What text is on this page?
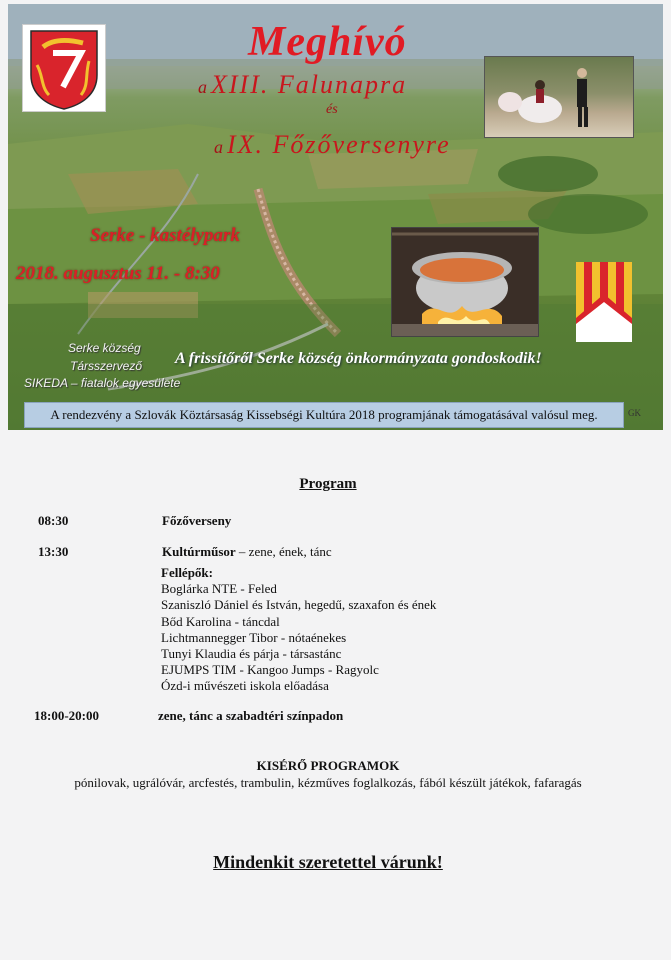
Meghívó

a XIII. Falunapra

és

a IX. Főzőversenyre

Serke - kastélypark
2018. augusztus 11. - 8:30
Serke község
Társszervező
SIKEDA – fiatalok egyesülete

A frissítőről Serke község önkormányzata gondoskodik!

A rendezvény a Szlovák Köztársaság Kissebségi Kultúra 2018 programjának támogatásával valósul meg.	GK
Program
08:30	Főzőverseny
13:30	Kultúrműsor – zene, ének, tánc
Fellépők:
Boglárka NTE - Feled
Szaniszló Dániel és István, hegedű, szaxafon és ének
Bőd Karolina - táncdal
Lichtmannegger Tibor - nótaénekes
Tunyi Klaudia és párja - társastánc
EJUMPS TIM - Kangoo Jumps - Ragyolc
Ózd-i művészeti iskola előadása
18:00-20:00	zene, tánc a szabadtéri színpadon
KISÉRŐ PROGRAMOK
pónilovak, ugrálóvár, arcfestés, trambulin, kézműves foglalkozás, fából készült játékok, fafaragás
Mindenkit szeretettel várunk!
